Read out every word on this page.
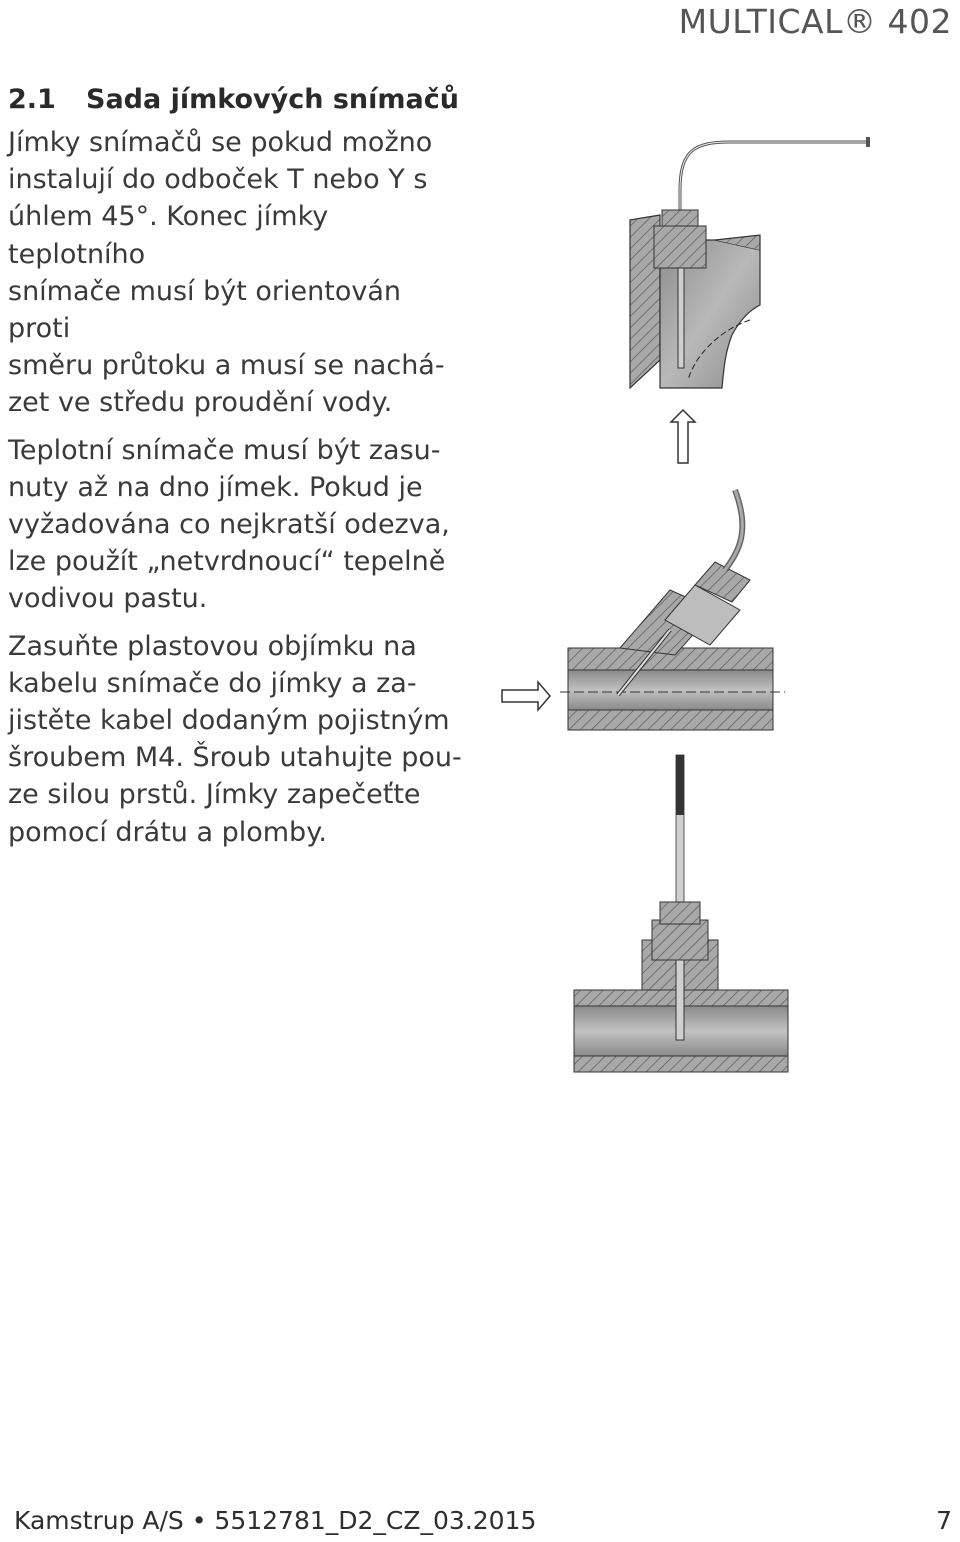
MULTICAL® 402
2.1 Sada jímkových snímačů

Jímky snímačů se pokud možno
instalují do odboček T nebo Y s
úhlem 45°. Konec jímky teplotního
snímače musí být orientován proti
směru průtoku a musí se nachá-
zet ve středu proudění vody.

Teplotní snímače musí být zasu-
nuty až na dno jímek. Pokud je
vyžadována co nejkratší odezva,
lze použít „netvrdnoucí“ tepelně
vodivou pastu.

Zasuňte plastovou objímku na
kabelu snímače do jímky a za-
jistěte kabel dodaným pojistným
šroubem M4. Šroub utahujte pou-
ze silou prstů. Jímky zapečeťte
pomocí drátu a plomby.

Kamstrup A/S • 5512781_D2_CZ_03.2015	7
